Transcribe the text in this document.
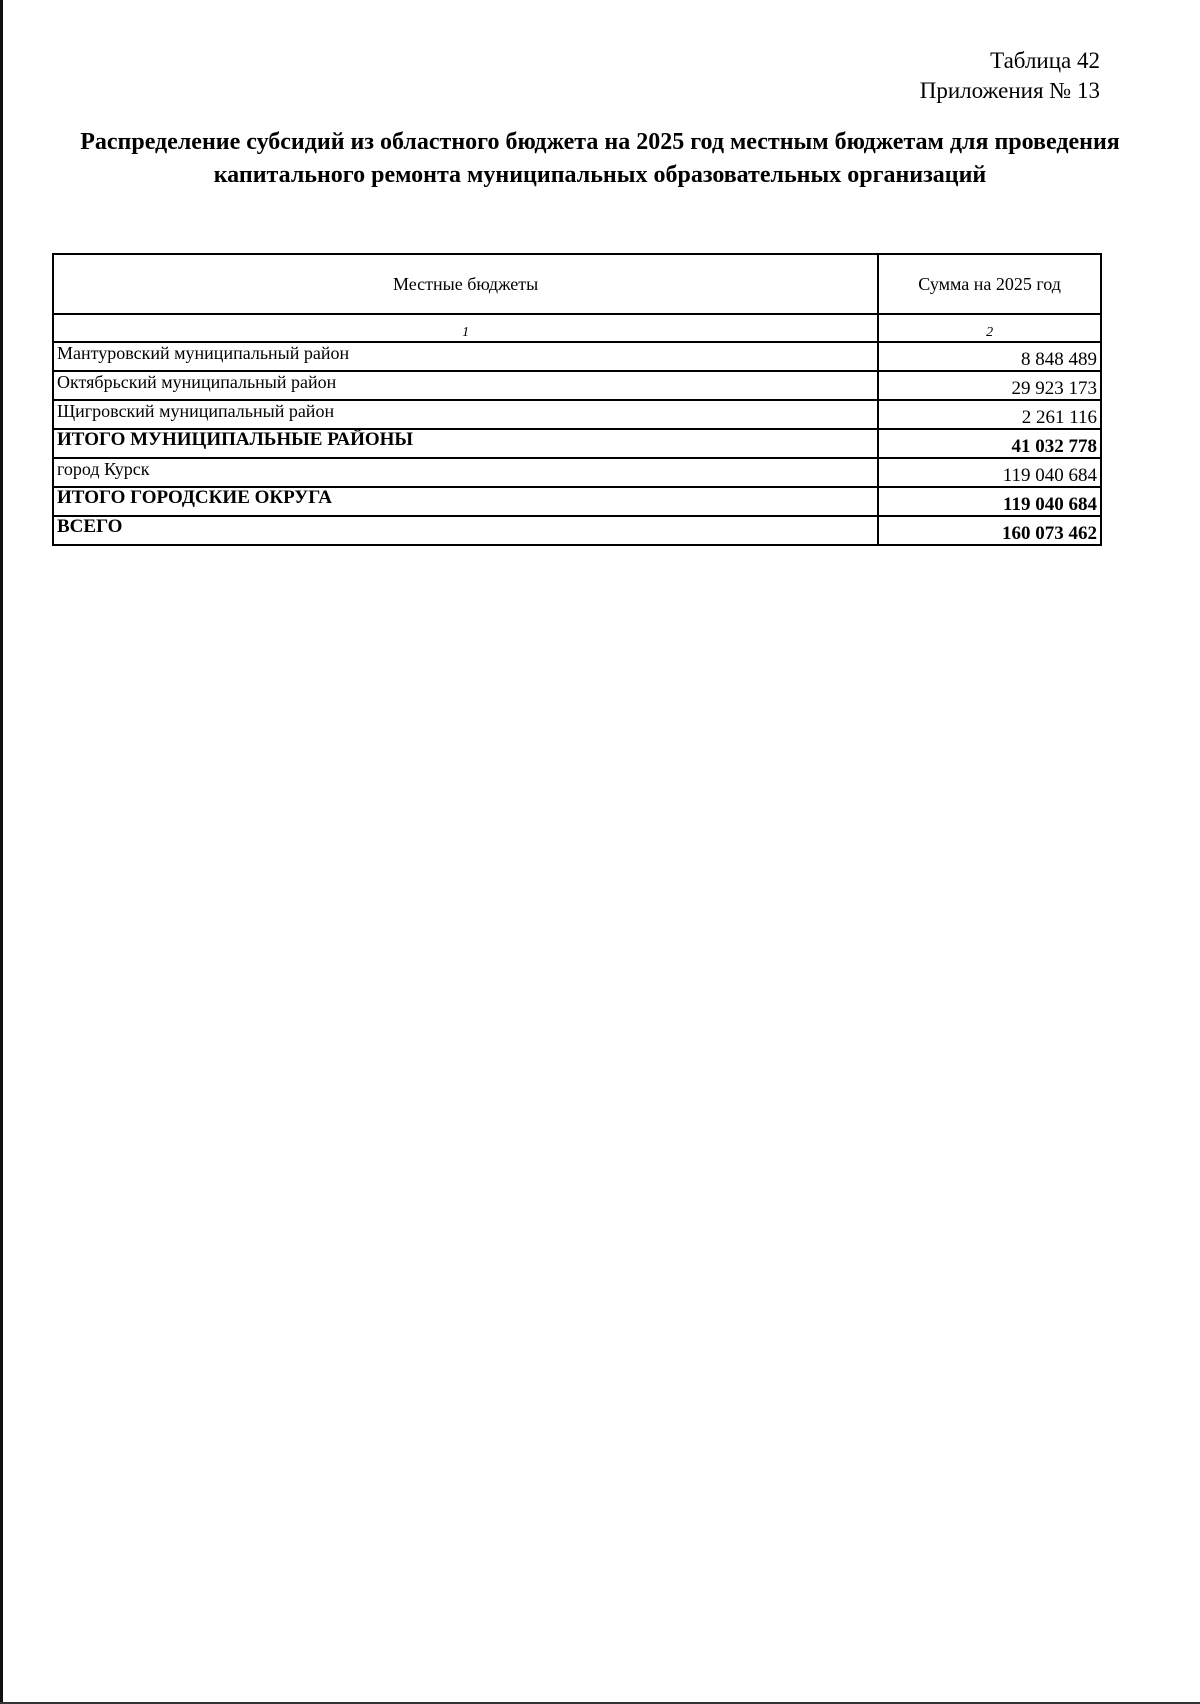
Таблица 42
Приложения № 13
Распределение субсидий из областного бюджета на 2025 год местным бюджетам для проведения капитального ремонта муниципальных образовательных организаций
Местные бюджеты	Сумма на 2025 год
1	2
Мантуровский муниципальный район	8 848 489
Октябрьский муниципальный район	29 923 173
Щигровский муниципальный район	2 261 116
ИТОГО МУНИЦИПАЛЬНЫЕ РАЙОНЫ	41 032 778
город Курск	119 040 684
ИТОГО ГОРОДСКИЕ ОКРУГА	119 040 684
ВСЕГО	160 073 462
